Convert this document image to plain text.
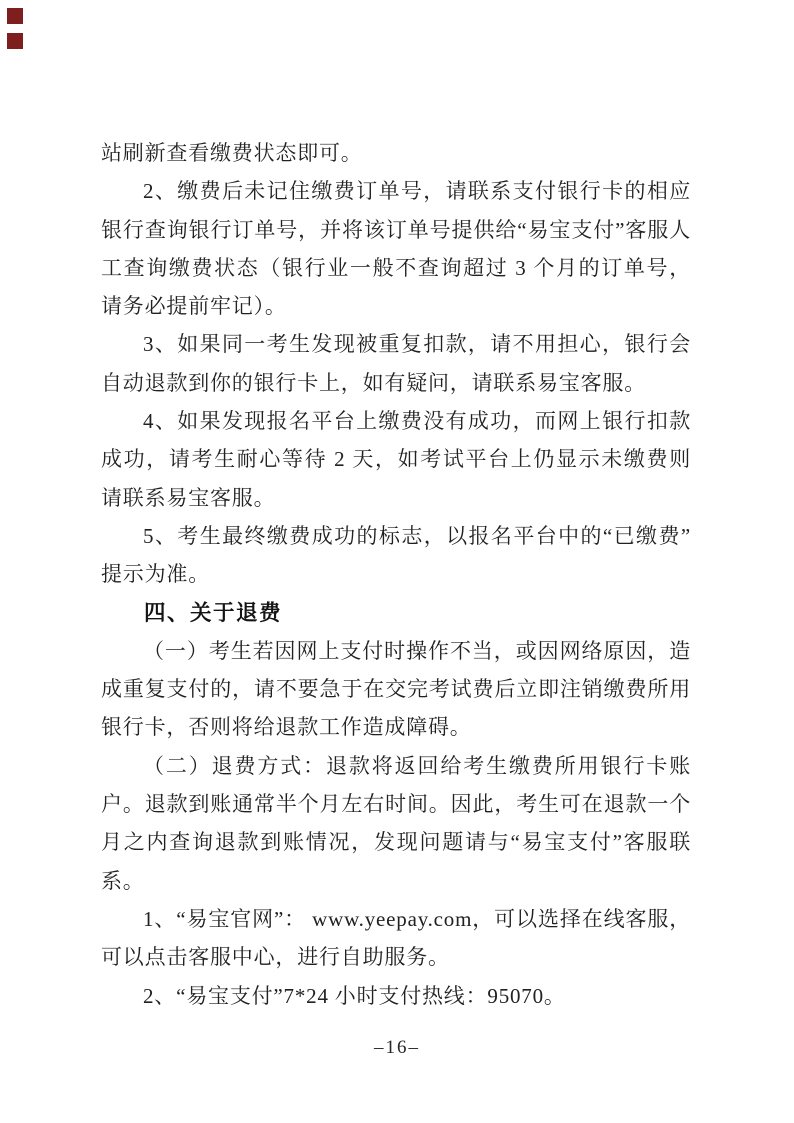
站刷新查看缴费状态即可。

2、缴费后未记住缴费订单号，请联系支付银行卡的相应银行查询银行订单号，并将该订单号提供给“易宝支付”客服人工查询缴费状态（银行业一般不查询超过 3 个月的订单号，请务必提前牢记）。

3、如果同一考生发现被重复扣款，请不用担心，银行会自动退款到你的银行卡上，如有疑问，请联系易宝客服。

4、如果发现报名平台上缴费没有成功，而网上银行扣款成功，请考生耐心等待 2 天，如考试平台上仍显示未缴费则请联系易宝客服。

5、考生最终缴费成功的标志，以报名平台中的“已缴费”提示为准。

四、关于退费

（一）考生若因网上支付时操作不当，或因网络原因，造成重复支付的，请不要急于在交完考试费后立即注销缴费所用银行卡，否则将给退款工作造成障碍。

（二）退费方式：退款将返回给考生缴费所用银行卡账户。退款到账通常半个月左右时间。因此，考生可在退款一个月之内查询退款到账情况，发现问题请与“易宝支付”客服联系。

1、“易宝官网”： www.yeepay.com，可以选择在线客服，可以点击客服中心，进行自助服务。

2、“易宝支付”7*24 小时支付热线：95070。

–16–
